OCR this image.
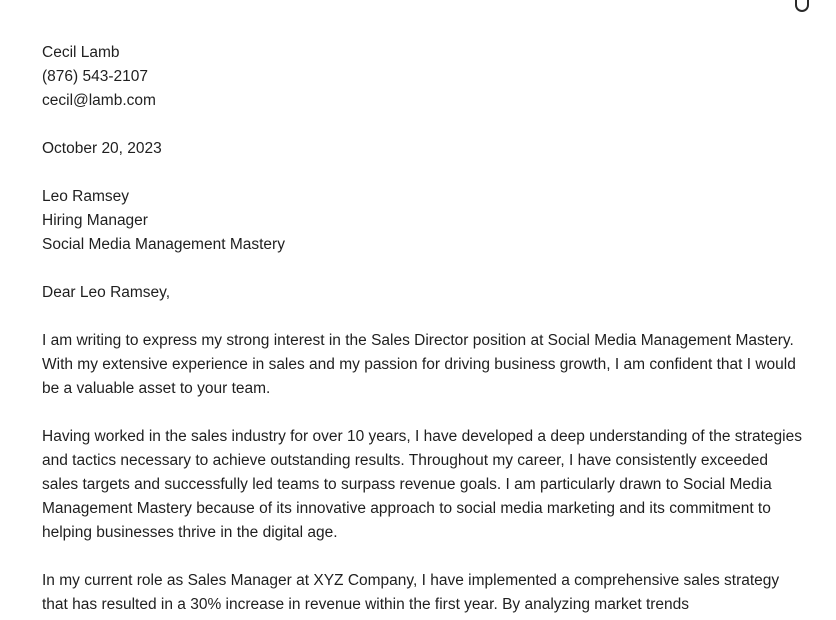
Cecil Lamb
(876) 543-2107
cecil@lamb.com
October 20, 2023
Leo Ramsey
Hiring Manager
Social Media Management Mastery
Dear Leo Ramsey,

I am writing to express my strong interest in the Sales Director position at Social Media Management Mastery. With my extensive experience in sales and my passion for driving business growth, I am confident that I would be a valuable asset to your team.

Having worked in the sales industry for over 10 years, I have developed a deep understanding of the strategies and tactics necessary to achieve outstanding results. Throughout my career, I have consistently exceeded sales targets and successfully led teams to surpass revenue goals. I am particularly drawn to Social Media Management Mastery because of its innovative approach to social media marketing and its commitment to helping businesses thrive in the digital age.

In my current role as Sales Manager at XYZ Company, I have implemented a comprehensive sales strategy that has resulted in a 30% increase in revenue within the first year. By analyzing market trends
